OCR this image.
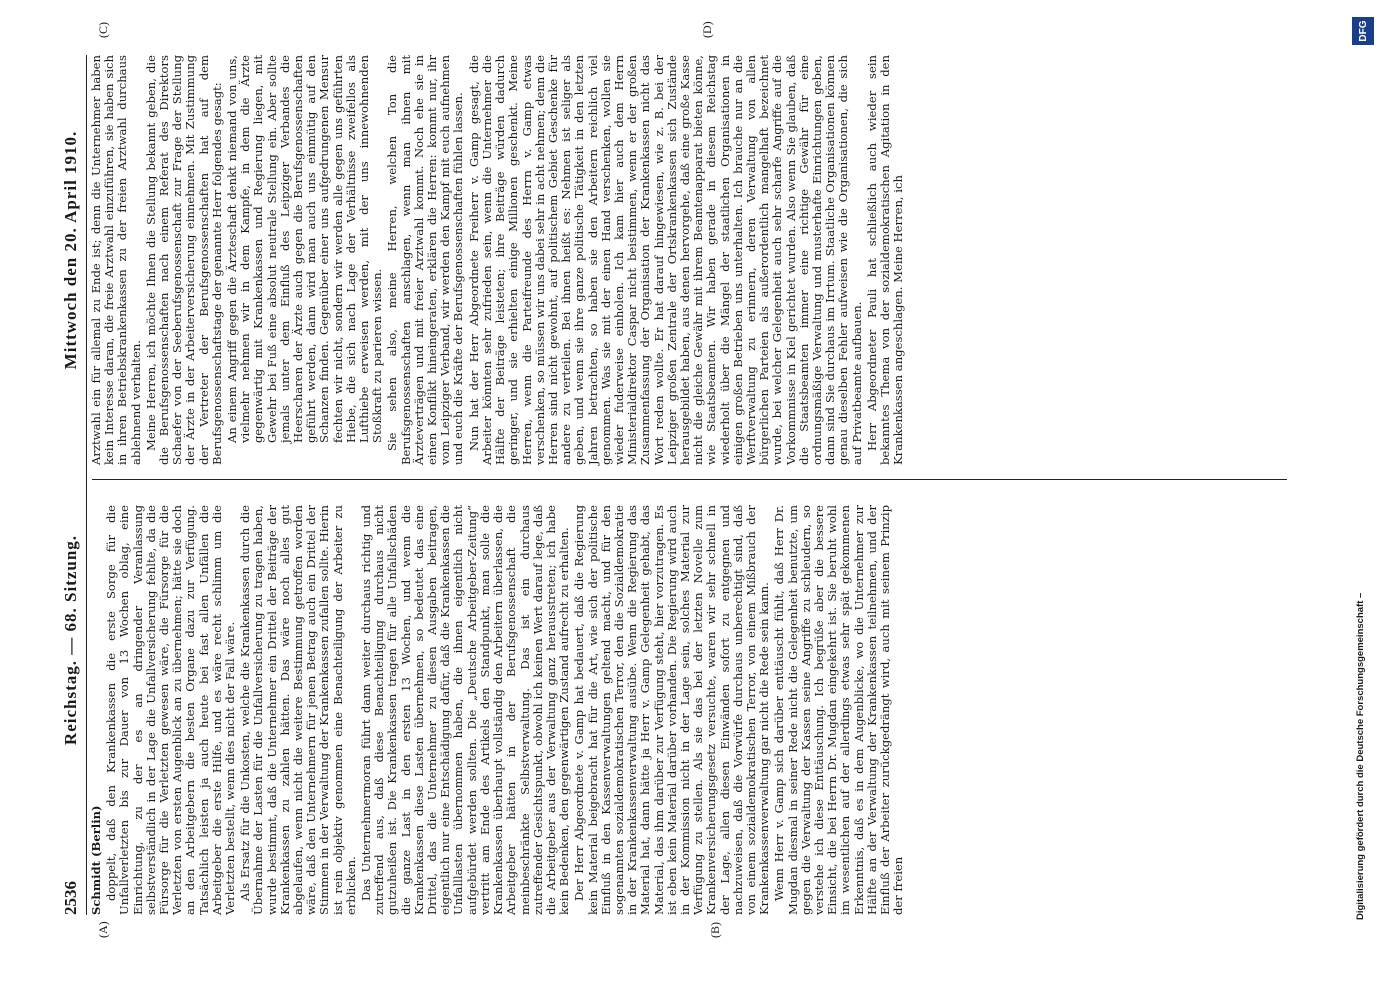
2536
Reichstag. — 68. Sitzung.
Mittwoch den 20. April 1910.
(A)	(B)
(C)	(D)

Schmidt (Berlin) doppelt, daß den Krankenkassen die erste Sorge für die Unfallverletzten bis zur Dauer von 13 Wochen oblag, eine Einrichtung, zu der es an dringender Veranlassung selbstverständlich in der Lage die Unfallversicherung fehlte, da die Fürsorge für die Verletzten gewesen wäre, die Fürsorge für die Verletzten von ersten Augenblick an zu übernehmen; hätte sie doch an den Arbeitgebern die besten Organe dazu zur Verfügung. Tatsächlich leisten ja auch heute bei fast allen Unfällen die Arbeitgeber die erste Hilfe, und es wäre recht schlimm um die Verletzten bestellt, wenn dies nicht der Fall wäre. Als Ersatz für die Unkosten, welche die Krankenkassen durch die Übernahme der Lasten für die Unfallversicherung zu tragen haben, wurde bestimmt, daß die Unternehmer ein Drittel der Beiträge der Krankenkassen zu zahlen hätten. Das wäre noch alles gut abgelaufen, wenn nicht die weitere Bestimmung getroffen worden wäre, daß den Unternehmern für jenen Betrag auch ein Drittel der Stimmen in der Verwaltung der Krankenkassen zufallen sollte. Hierin ist rein objektiv genommen eine Benachteiligung der Arbeiter zu erblicken. Das Unternehmermoran führt dann weiter durchaus richtig und zutreffend aus, daß diese Benachteiligung durchaus nicht gutzuheißen ist. Die Krankenkassen tragen für alle Unfallschäden die ganze Last in den ersten 13 Wochen, und wenn die Krankenkassen diese Lasten übernehmen, so bedeutet das eine Drittel, das die Unternehmer zu diesen Ausgaben beitragen, eigentlich nur eine Entschädigung dafür, daß die Krankenkassen die Unfalllasten übernommen haben, die ihnen eigentlich nicht aufgebürdet werden sollten. Die „Deutsche Arbeitgeber-Zeitung“ vertritt am Ende des Artikels den Standpunkt, man solle die Krankenkassen überhaupt vollständig den Arbeitern überlassen, die Arbeitgeber hätten in der Berufsgenossenschaft die meinbeschränkte Selbstverwaltung. Das ist ein durchaus zutreffender Gesichtspunkt, obwohl ich keinen Wert darauf lege, daß die Arbeitgeber aus der Verwaltung ganz herausstreten; ich habe kein Bedenken, den gegenwärtigen Zustand aufrecht zu erhalten. Der Herr Abgeordnete v. Gamp hat bedauert, daß die Regierung kein Material beigebracht hat für die Art, wie sich der politische Einfluß in den Kassenverwaltungen geltend macht, und für den sogenannten sozialdemokratischen Terror, den die Sozialdemokratie in der Krankenkassenverwaltung ausübe. Wenn die Regierung das Material hat, dann hätte ja Herr v. Gamp Gelegenheit gehabt, das Material, das ihm darüber zur Verfügung steht, hier vorzutragen. Es ist eben kein Material darüber vorhanden. Die Regierung wird auch in der Kommission nicht in der Lage sein, solches Material zur Verfügung zu stellen. Als sie das bei der letzten Novelle zum Krankenversicherungsgesetz versuchte, waren wir sehr schnell in der Lage, allen diesen Einwänden sofort zu entgegnen und nachzuweisen, daß die Vorwürfe durchaus unberechtigt sind, daß von einem sozialdemokratischen Terror, von einem Mißbrauch der Krankenkassenverwaltung gar nicht die Rede sein kann. Wenn Herr v. Gamp sich darüber enttäuscht fühlt, daß Herr Dr. Mugdan diesmal in seiner Rede nicht die Gelegenheit benutzte, um gegen die Verwaltung der Kassen seine Angriffe zu schleudern, so verstehe ich diese Enttäuschung. Ich begrüße aber die bessere Einsicht, die bei Herrn Dr. Mugdan eingekehrt ist. Sie beruht wohl im wesentlichen auf der allerdings etwas sehr spät gekommenen Erkenntnis, daß es in dem Augenblicke, wo die Unternehmer zur Hälfte an der Verwaltung der Krankenkassen teilnehmen, und der Einfluß der Arbeiter zurückgedrängt wird, auch mit seinem Prinzip der freien

Arztwahl ein für allemal zu Ende ist; denn die Unternehmer haben kein Interesse daran, die freie Arztwahl einzuführen, sie haben sich in ihren Betriebskrankenkassen zu der freien Arztwahl durchaus ablehnend verhalten. Meine Herren, ich möchte Ihnen die Stellung bekannt geben, die die Berufsgenossenschaften nach einem Referat des Direktors Schaefer von der Seeberufsgenossenschaft zur Frage der Stellung der Ärzte in der Arbeiterversicherung einnehmen. Mit Zustimmung der Vertreter der Berufsgenossenschaften hat auf dem Berufsgenossenschaftstage der genannte Herr folgendes gesagt: An einem Angriff gegen die Ärzteschaft denkt niemand von uns, vielmehr nehmen wir in dem Kampfe, in dem die Ärzte gegenwärtig mit Krankenkassen und Regierung liegen, mit Gewehr bei Fuß eine absolut neutrale Stellung ein. Aber sollte jemals unter dem Einfluß des Leipziger Verbandes die Heerscharen der Ärzte auch gegen die Berufsgenossenschaften geführt werden, dann wird man auch uns einmütig auf den Schanzen finden. Gegenüber einer uns aufgedrungenen Mensur fechten wir nicht, sondern wir werden alle gegen uns geführten Hiebe, die sich nach Lage der Verhältnisse zweifellos als Lufthiebe erweisen werden, mit der uns innewohnenden Stoßkraft zu parieren wissen. Sie sehen also, meine Herren, welchen Ton die Berufsgenossenschaften anschlagen, wenn man ihnen mit Ärzteverträgen und mit freier Arztwahl kommt. Noch ehe sie in einen Konflikt hineingeraten, erklären die Herren: kommt nur, ihr vom Leipziger Verband, wir werden den Kampf mit euch aufnehmen und euch die Kräfte der Berufsgenossenschaften fühlen lassen. Nun hat der Herr Abgeordnete Freiherr v. Gamp gesagt, die Arbeiter könnten sehr zufrieden sein, wenn die Unternehmer die Hälfte der Beiträge leisteten; ihre Beiträge würden dadurch geringer, und sie erhielten einige Millionen geschenkt. Meine Herren, wenn die Parteifreunde des Herrn v. Gamp etwas verschenken, so müssen wir uns dabei sehr in acht nehmen; denn die Herren sind nicht gewohnt, auf politischem Gebiet Geschenke für andere zu verteilen. Bei ihnen heißt es: Nehmen ist seliger als geben, und wenn sie ihre ganze politische Tätigkeit in den letzten Jahren betrachten, so haben sie den Arbeitern reichlich viel genommen. Was sie mit der einen Hand verschenken, wollen sie wieder fuderweise einholen. Ich kam hier auch dem Herrn Ministerialdirektor Caspar nicht beistimmen, wenn er der großen Zusammenfassung der Organisation der Krankenkassen nicht das Wort reden wollte. Er hat darauf hingewiesen, wie z. B. bei der Leipziger großen Zentrale der Ortskrankenkassen sich Zustände herausgebildet haben, aus denen hervorgehe, daß eine große Kasse nicht die gleiche Gewähr mit ihrem Beamtenapparat bieten könne, wie Staatsbeamten. Wir haben gerade in diesem Reichstag wiederholt über die Mängel der staatlichen Organisationen in einigen großen Betrieben uns unterhalten. Ich brauche nur an die Werftverwaltung zu erinnern, deren Verwaltung von allen bürgerlichen Parteien als außerordentlich mangelhaft bezeichnet wurde, bei welcher Gelegenheit auch sehr scharfe Angriffe auf die Vorkommnisse in Kiel gerichtet wurden. Also wenn Sie glauben, daß die Staatsbeamten immer eine richtige Gewähr für eine ordnungsmäßige Verwaltung und musterhafte Einrichtungen geben, dann sind Sie durchaus im Irrtum. Staatliche Organisationen können genau dieselben Fehler aufweisen wie die Organisationen, die sich auf Privatbeamte aufbauen. Herr Abgeordneter Pauli hat schließlich auch wieder sein bekanntes Thema von der sozialdemokratischen Agitation in den Krankenkassen angeschlagen. Meine Herren, ich

Digitalisierung gefördert durch die Deutsche Forschungsgemeinschaft –
DFG
